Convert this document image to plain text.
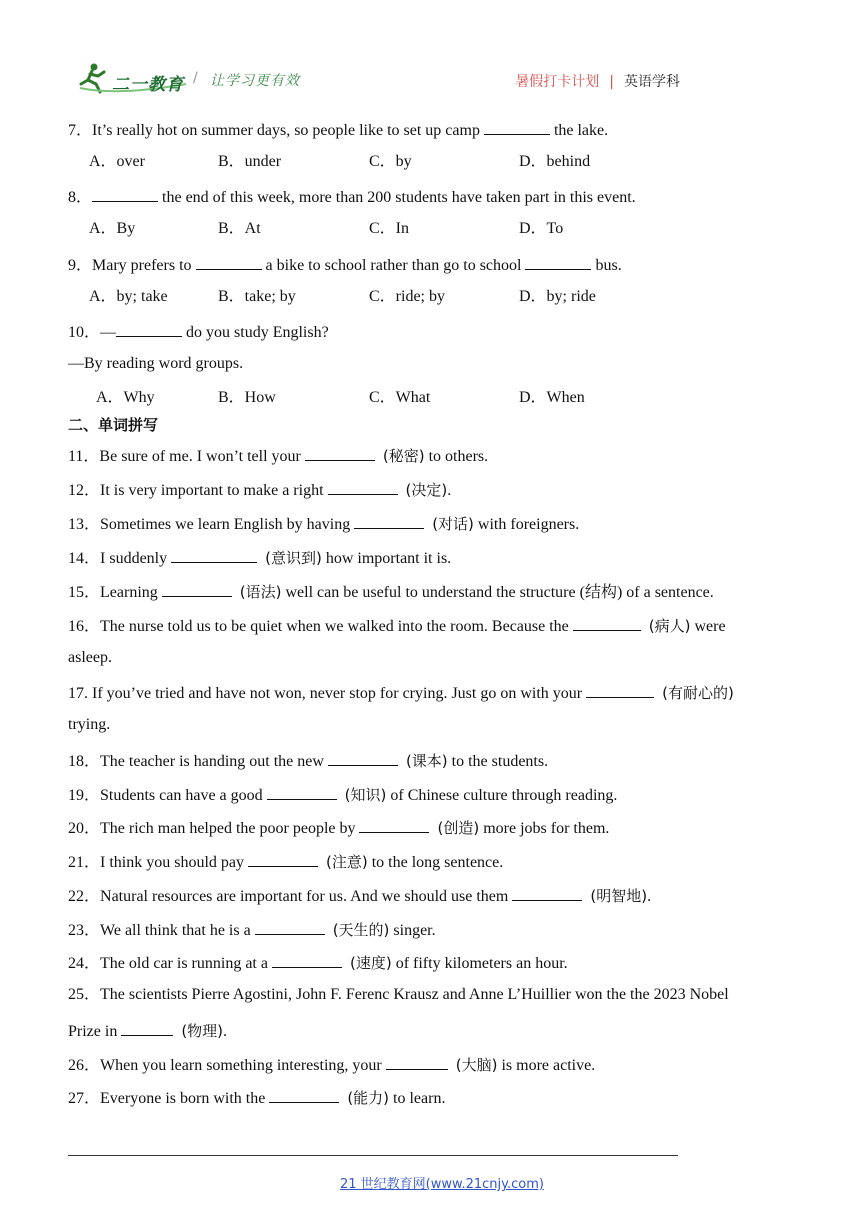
二一教育 / 让学习更有效	暑假打卡计划 | 英语学科
7．It’s really hot on summer days, so people like to set up camp	the lake.
A．over	B．under	C．by	D．behind
8．	the end of this week, more than 200 students have taken part in this event.
A．By	B．At	C．In	D．To
9．Mary prefers to	a bike to school rather than go to school	bus.
A．by; take	B．take; by	C．ride; by	D．by; ride
10．—	do you study English?
—By reading word groups.
A．Why	B．How	C．What	D．When
二、单词拼写
11．Be sure of me. I won’t tell your	(秘密) to others.
12．It is very important to make a right	(决定).
13．Sometimes we learn English by having	(对话) with foreigners.
14．I suddenly	(意识到) how important it is.
15．Learning	(语法) well can be useful to understand the structure (结构) of a sentence.
16．The nurse told us to be quiet when we walked into the room. Because the	(病人) were
asleep.
17. If you’ve tried and have not won, never stop for crying. Just go on with your	(有耐心的)
trying.
18．The teacher is handing out the new	(课本) to the students.
19．Students can have a good	(知识) of Chinese culture through reading.
20．The rich man helped the poor people by	(创造) more jobs for them.
21．I think you should pay	(注意) to the long sentence.
22．Natural resources are important for us. And we should use them	(明智地).
23．We all think that he is a	(天生的) singer.
24．The old car is running at a	(速度) of fifty kilometers an hour.
25．The scientists Pierre Agostini, John F. Ferenc Krausz and Anne L’Huillier won the the 2023 Nobel
Prize in	(物理).
26．When you learn something interesting, your	(大脑) is more active.
27．Everyone is born with the	(能力) to learn.
21 世纪教育网(www.21cnjy.com)
